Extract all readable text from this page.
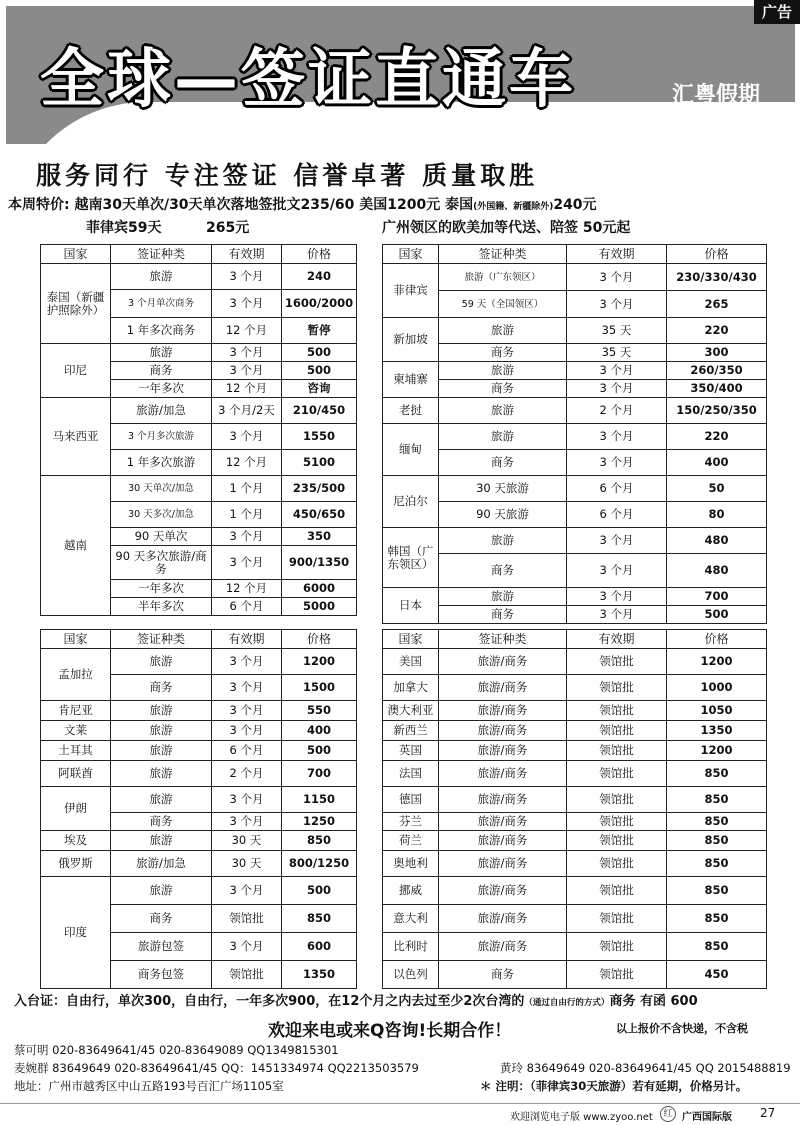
广告
全球—签证直通车	汇粤假期
服务同行 专注签证 信誉卓著 质量取胜
本周特价: 越南30天单次/30天单次落地签批文235/60 美国1200元 泰国(外国籍、新疆除外)240元
菲律宾59天	265元	广州领区的欧美加等代送、陪签 50元起
国家	签证种类	有效期	价格
泰国（新疆护照除外）	旅游	3 个月	240
	3 个月单次商务	3 个月	1600/2000
	1 年多次商务	12 个月	暂停
印尼	旅游	3 个月	500
	商务	3 个月	500
	一年多次	12 个月	咨询
马来西亚	旅游/加急	3 个月/2天	210/450
	3 个月多次旅游	3 个月	1550
	1 年多次旅游	12 个月	5100
越南	30 天单次/加急	1 个月	235/500
	30 天多次/加急	1 个月	450/650
	90 天单次	3 个月	350
	90 天多次旅游/商务	3 个月	900/1350
	一年多次	12 个月	6000
	半年多次	6 个月	5000
国家	签证种类	有效期	价格
菲律宾	旅游（广东领区）	3 个月	230/330/430
	59 天（全国领区）	3 个月	265
新加坡	旅游	35 天	220
	商务	35 天	300
柬埔寨	旅游	3 个月	260/350
	商务	3 个月	350/400
老挝	旅游	2 个月	150/250/350
缅甸	旅游	3 个月	220
	商务	3 个月	400
尼泊尔	30 天旅游	6 个月	50
	90 天旅游	6 个月	80
韩国（广东领区）	旅游	3 个月	480
	商务	3 个月	480
日本	旅游	3 个月	700
	商务	3 个月	500
国家	签证种类	有效期	价格
孟加拉	旅游	3 个月	1200
	商务	3 个月	1500
肯尼亚	旅游	3 个月	550
文莱	旅游	3 个月	400
土耳其	旅游	6 个月	500
阿联酋	旅游	2 个月	700
伊朗	旅游	3 个月	1150
	商务	3 个月	1250
埃及	旅游	30 天	850
俄罗斯	旅游/加急	30 天	800/1250
印度	旅游	3 个月	500
	商务	领馆批	850
	旅游包签	3 个月	600
	商务包签	领馆批	1350
国家	签证种类	有效期	价格
美国	旅游/商务	领馆批	1200
加拿大	旅游/商务	领馆批	1000
澳大利亚	旅游/商务	领馆批	1050
新西兰	旅游/商务	领馆批	1350
英国	旅游/商务	领馆批	1200
法国	旅游/商务	领馆批	850
德国	旅游/商务	领馆批	850
芬兰	旅游/商务	领馆批	850
荷兰	旅游/商务	领馆批	850
奥地利	旅游/商务	领馆批	850
挪威	旅游/商务	领馆批	850
意大利	旅游/商务	领馆批	850
比利时	旅游/商务	领馆批	850
以色列	商务	领馆批	450
入台证：自由行，单次300，自由行，一年多次900，在12个月之内去过至少2次台湾的（通过自由行的方式）商务 有函 600
欢迎来电或来Q咨询!长期合作！	以上报价不含快递，不含税
蔡可明 020-83649641/45 020-83649089 QQ1349815301
麦婉群 83649649 020-83649641/45 QQ：1451334974 QQ2213503579	黄玲 83649649 020-83649641/45 QQ 2015488819
地址：广州市越秀区中山五路193号百汇广场1105室	＊ 注明：（菲律宾30天旅游）若有延期，价格另计。
欢迎浏览电子版 www.zyoo.net	红 广西国际版 27
